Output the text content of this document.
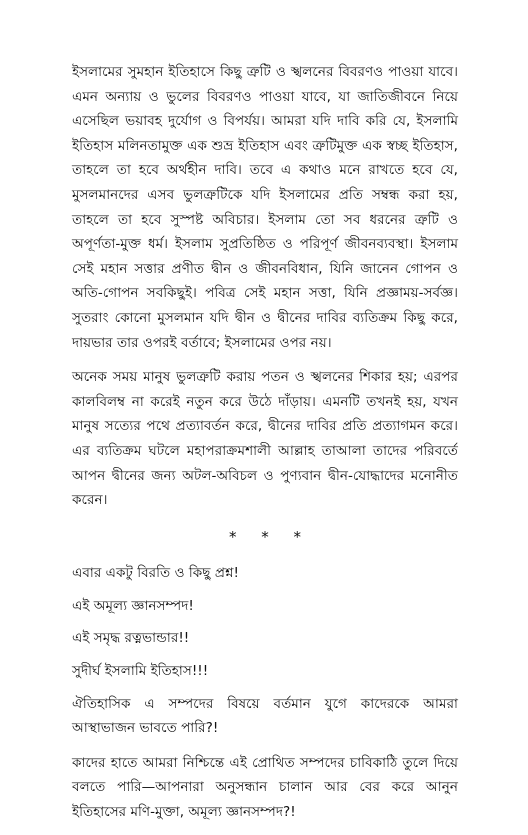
ইসলামের সুমহান ইতিহাসে কিছু ত্রুটি ও স্খলনের বিবরণও পাওয়া যাবে। এমন অন্যায় ও ভুলের বিবরণও পাওয়া যাবে, যা জাতিজীবনে নিয়ে এসেছিল ভয়াবহ দুর্যোগ ও বিপর্যয়। আমরা যদি দাবি করি যে, ইসলামি ইতিহাস মলিনতামুক্ত এক শুভ্র ইতিহাস এবং ত্রুটিমুক্ত এক স্বচ্ছ ইতিহাস, তাহলে তা হবে অর্থহীন দাবি। তবে এ কথাও মনে রাখতে হবে যে, মুসলমানদের এসব ভুলত্রুটিকে যদি ইসলামের প্রতি সম্বন্ধ করা হয়, তাহলে তা হবে সুস্পষ্ট অবিচার। ইসলাম তো সব ধরনের ত্রুটি ও অপূর্ণতা-মুক্ত ধর্ম। ইসলাম সুপ্রতিষ্ঠিত ও পরিপূর্ণ জীবনব্যবস্থা। ইসলাম সেই মহান সত্তার প্রণীত দ্বীন ও জীবনবিধান, যিনি জানেন গোপন ও অতি-গোপন সবকিছুই। পবিত্র সেই মহান সত্তা, যিনি প্রজ্ঞাময়-সর্বজ্ঞ। সুতরাং কোনো মুসলমান যদি দ্বীন ও দ্বীনের দাবির ব্যতিক্রম কিছু করে, দায়ভার তার ওপরই বর্তাবে; ইসলামের ওপর নয়।

অনেক সময় মানুষ ভুলত্রুটি করায় পতন ও স্খলনের শিকার হয়; এরপর কালবিলম্ব না করেই নতুন করে উঠে দাঁড়ায়। এমনটি তখনই হয়, যখন মানুষ সত্যের পথে প্রত্যাবর্তন করে, দ্বীনের দাবির প্রতি প্রত্যাগমন করে। এর ব্যতিক্রম ঘটলে মহাপরাক্রমশালী আল্লাহ তাআলা তাদের পরিবর্তে আপন দ্বীনের জন্য অটল-অবিচল ও পুণ্যবান দ্বীন-যোদ্ধাদের মনোনীত করেন।

* * *

এবার একটু বিরতি ও কিছু প্রশ্ন!

এই অমূল্য জ্ঞানসম্পদ!

এই সমৃদ্ধ রত্নভান্ডার!!

সুদীর্ঘ ইসলামি ইতিহাস!!!

ঐতিহাসিক এ সম্পদের বিষয়ে বর্তমান যুগে কাদেরকে আমরা আস্থাভাজন ভাবতে পারি?!

কাদের হাতে আমরা নিশ্চিন্তে এই প্রোথিত সম্পদের চাবিকাঠি তুলে দিয়ে বলতে পারি—আপনারা অনুসন্ধান চালান আর বের করে আনুন ইতিহাসের মণি-মুক্তা, অমূল্য জ্ঞানসম্পদ?!
